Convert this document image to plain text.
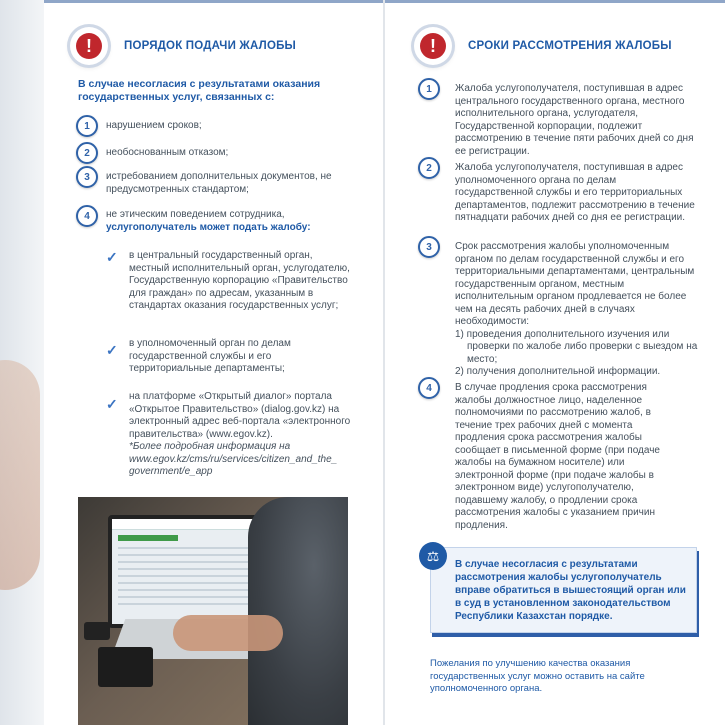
!	ПОРЯДОК ПОДАЧИ ЖАЛОБЫ
В случае несогласия с результатами оказания государственных услуг, связанных с:
1	нарушением сроков;
2	необоснованным отказом;
3	истребованием дополнительных документов, не предусмотренных стандартом;
4	не этическим поведением сотрудника,
услугополучатель может подать жалобу:
✓ в центральный государственный орган, местный исполнительный орган, услугодателю, Государственную корпорацию «Правительство для граждан» по адресам, указанным в стандартах оказания государственных услуг;
✓ в уполномоченный орган по делам государственной службы и его территориальные департаменты;
✓ на платформе «Открытый диалог» портала «Открытое Правительство» (dialog.gov.kz) на электронный адрес веб-портала «электронного правительства» (www.egov.kz).
*Более подробная информация на www.egov.kz/cms/ru/services/citizen_and_the_ government/e_app
!	СРОКИ РАССМОТРЕНИЯ ЖАЛОБЫ
1	Жалоба услугополучателя, поступившая в адрес центрального государственного органа, местного исполнительного органа, услугодателя, Государственной корпорации, подлежит рассмотрению в течение пяти рабочих дней со дня ее регистрации.
2	Жалоба услугополучателя, поступившая в адрес уполномоченного органа по делам государственной службы и его территориальных департаментов, подлежит рассмотрению в течение пятнадцати рабочих дней со дня ее регистрации.
3	Срок рассмотрения жалобы уполномоченным органом по делам государственной службы и его территориальными департаментами, центральным государственным органом, местным исполнительным органом продлевается не более чем на десять рабочих дней в случаях необходимости:
1) проведения дополнительного изучения или проверки по жалобе либо проверки с выездом на место;
2) получения дополнительной информации.
4	В случае продления срока рассмотрения жалобы должностное лицо, наделенное полномочиями по рассмотрению жалоб, в течение трех рабочих дней с момента продления срока рассмотрения жалобы сообщает в письменной форме (при подаче жалобы на бумажном носителе) или электронной форме (при подаче жалобы в электронном виде) услугополучателю, подавшему жалобу, о продлении срока рассмотрения жалобы с указанием причин продления.
⚖
В случае несогласия с результатами рассмотрения жалобы услугополучатель вправе обратиться в вышестоящий орган или в суд в установленном законодательством Республики Казахстан порядке.
Пожелания по улучшению качества оказания государственных услуг можно оставить на сайте уполномоченного органа.
